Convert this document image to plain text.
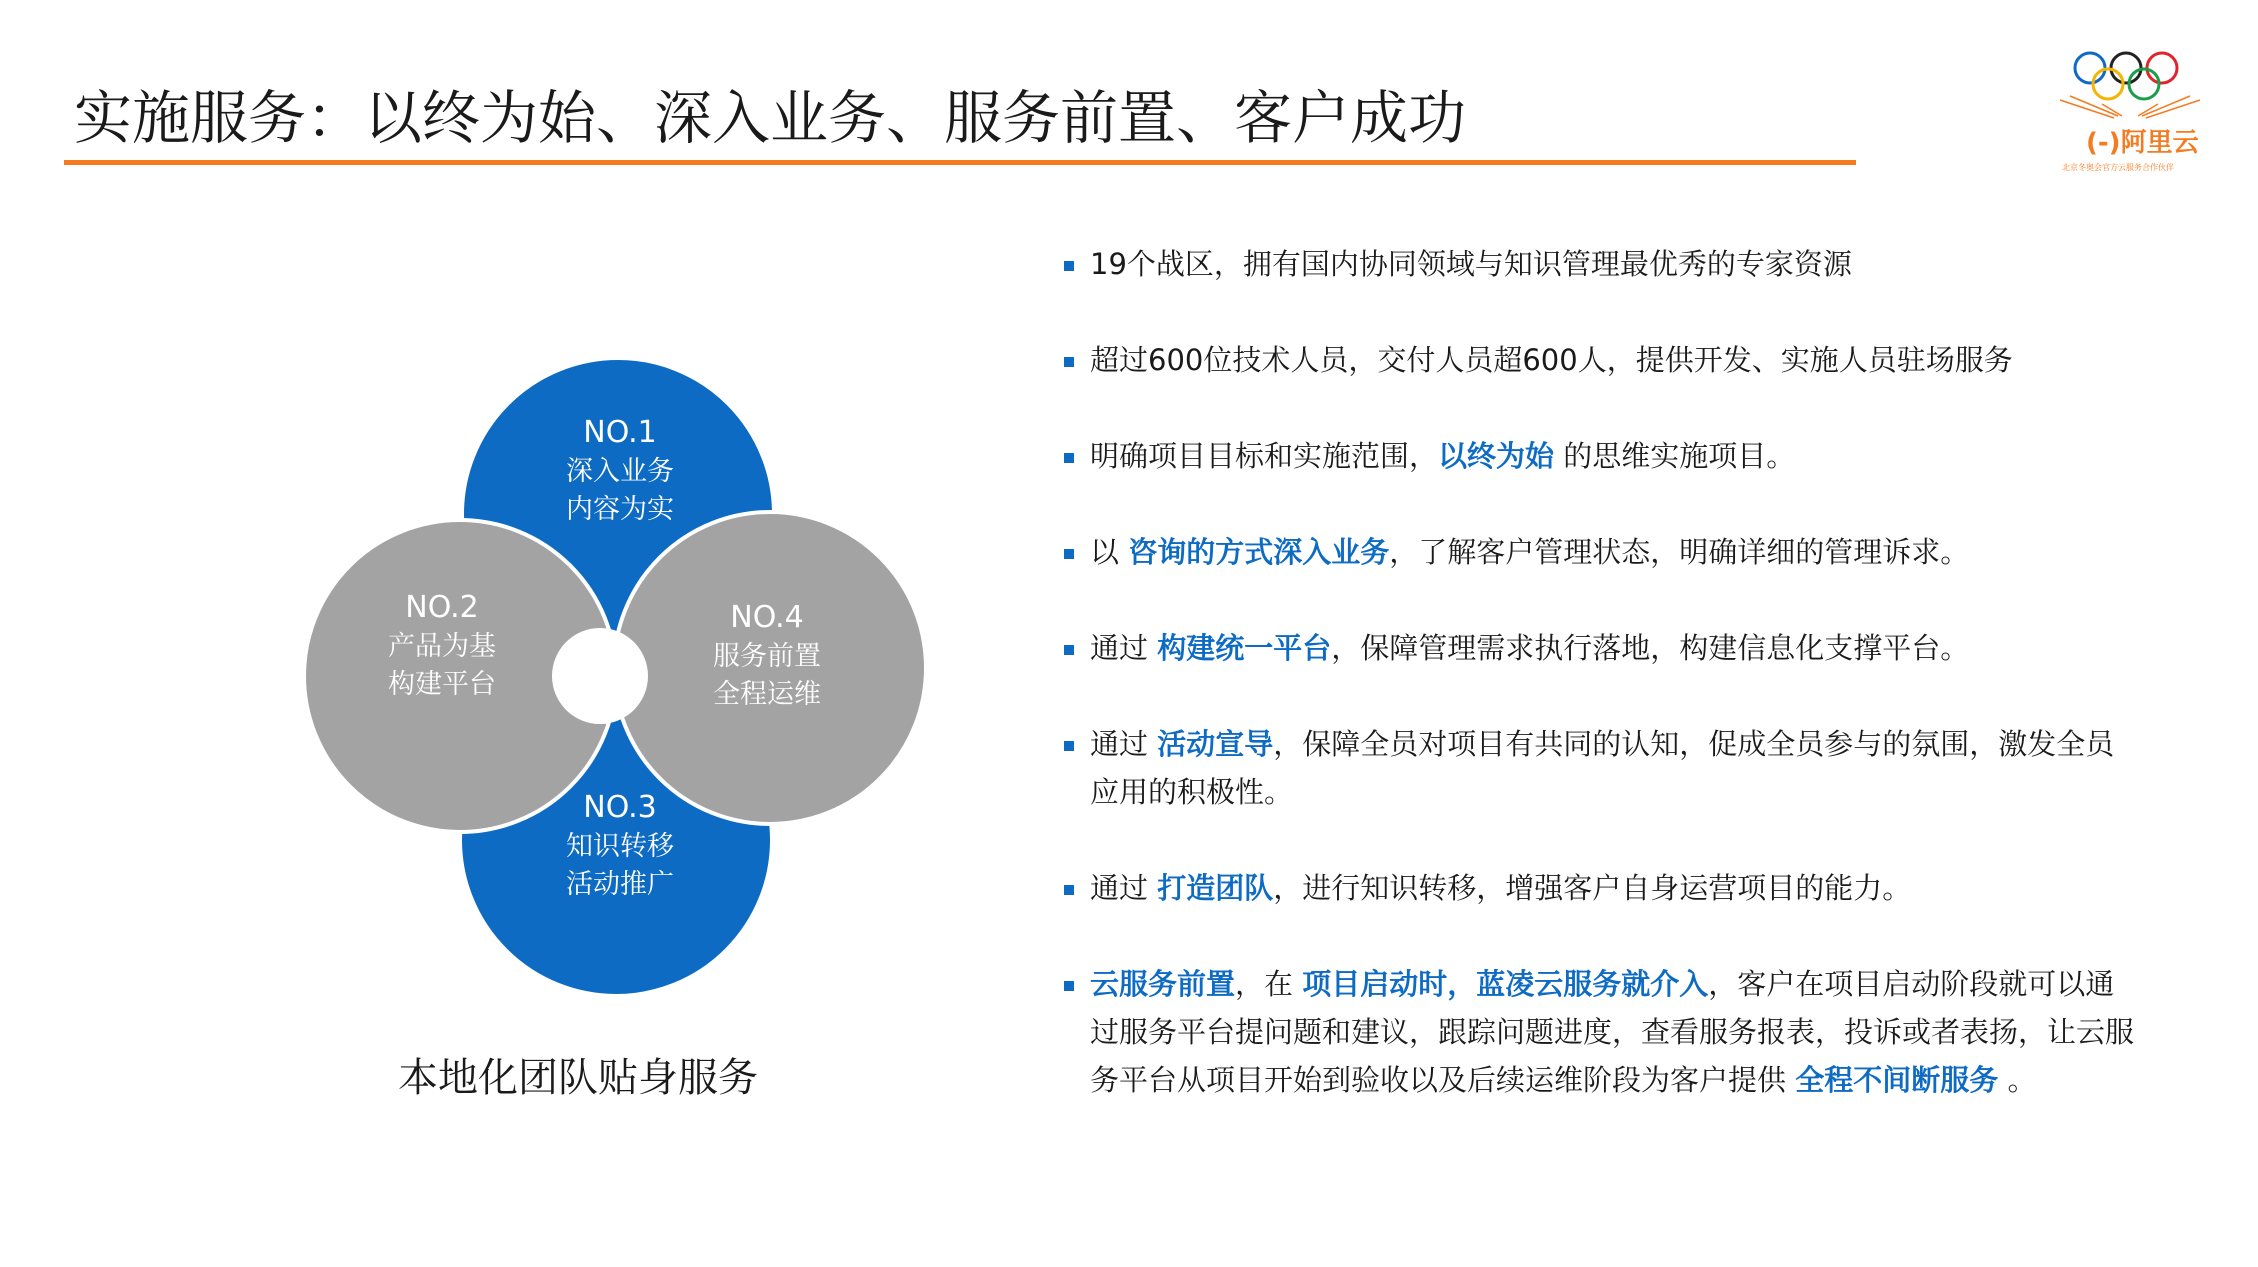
实施服务：以终为始、深入业务、服务前置、客户成功	(-)阿里云
北京冬奥会官方云服务合作伙伴
NO.1
深入业务
内容为实
NO.2
产品为基
构建平台
NO.3
知识转移
活动推广
NO.4
服务前置
全程运维
本地化团队贴身服务
19个战区，拥有国内协同领域与知识管理最优秀的专家资源
超过600位技术人员，交付人员超600人，提供开发、实施人员驻场服务
明确项目目标和实施范围，以终为始 的思维实施项目。
以 咨询的方式深入业务，了解客户管理状态，明确详细的管理诉求。
通过 构建统一平台，保障管理需求执行落地，构建信息化支撑平台。
通过 活动宣导，保障全员对项目有共同的认知，促成全员参与的氛围，激发全员应用的积极性。
通过 打造团队，进行知识转移，增强客户自身运营项目的能力。
云服务前置，在 项目启动时，蓝凌云服务就介入，客户在项目启动阶段就可以通过服务平台提问题和建议，跟踪问题进度，查看服务报表，投诉或者表扬，让云服务平台从项目开始到验收以及后续运维阶段为客户提供 全程不间断服务 。
